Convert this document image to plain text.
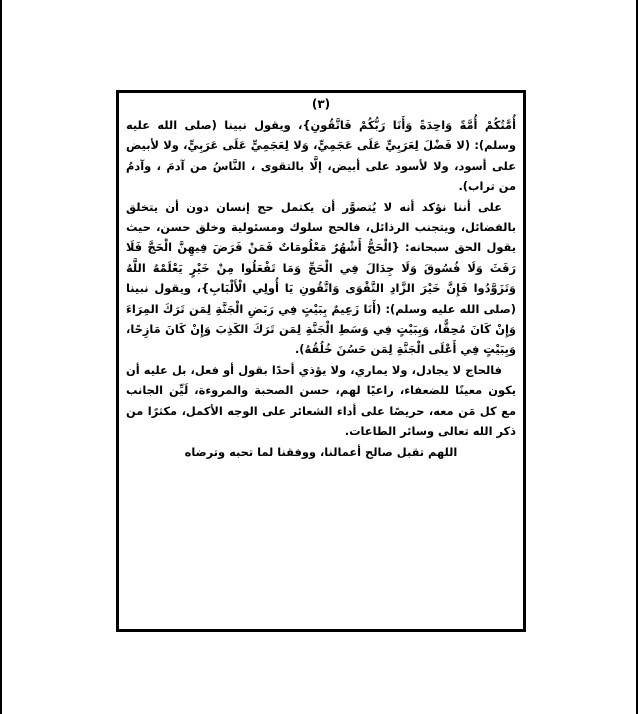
(٣)

أُمَّتُكُمْ أُمَّةً وَاحِدَةً وَأَنَا رَبُّكُمْ فَاتَّقُونِ}، ويقول نبينا (صلى الله عليه وسلم): (لا فَضْلَ لِعَرَبِيٍّ عَلَى عَجَمِيٍّ، وَلا لِعَجَمِيٍّ عَلَى عَرَبِيٍّ، ولا لأبيض على أسود، ولا لأسود على أبيض، إلَّا بالتقوى ، النَّاسُ من آدمَ ، وآدمُ من تراب).

على أننا نؤكد أنه لا يُتصوَّر أن يكتمل حج إنسان دون أن يتخلق بالفضائل، ويتجنب الرذائل، فالحج سلوك ومسئولية وخلق حسن، حيث يقول الحق سبحانه: {الْحَجُّ أَشْهُرٌ مَعْلُومَاتٌ فَمَنْ فَرَضَ فِيهِنَّ الْحَجَّ فَلَا رَفَثَ وَلَا فُسُوقَ وَلَا جِدَالَ فِي الْحَجِّ وَمَا تَفْعَلُوا مِنْ خَيْرٍ يَعْلَمْهُ اللَّهُ وَتَزَوَّدُوا فَإِنَّ خَيْرَ الزَّادِ التَّقْوَى وَاتَّقُونِ يَا أُولِي الْأَلْبَابِ}، ويقول نبينا (صلى الله عليه وسلم): (أَنَا زَعِيمٌ بِبَيْتٍ فِي رَبَضِ الْجَنَّةِ لِمَن تَرَكَ المِرَاءَ وَإِنْ كَانَ مُحِقًّا، وَبِبَيْتٍ فِي وَسَطِ الْجَنَّةِ لِمَن تَرَكَ الكَذِبَ وَإِنْ كَانَ مَازِحًا، وَبِبَيْتٍ فِي أَعْلَى الْجَنَّةِ لِمَن حَسُنَ خُلُقُهُ).

فالحاج لا يجادل، ولا يماري، ولا يؤذي أحدًا بقول أو فعل، بل عليه أن يكون معينًا للضعفاء، راعيًا لهم، حسن الصحبة والمروءة، لَيِّن الجانب مع كل مَن معه، حريصًا على أداء الشعائر على الوجه الأكمل، مكثرًا من ذكر الله تعالى وسائر الطاعات.

اللهم تقبل صالح أعمالنا، ووفقنا لما تحبه وترضاه
